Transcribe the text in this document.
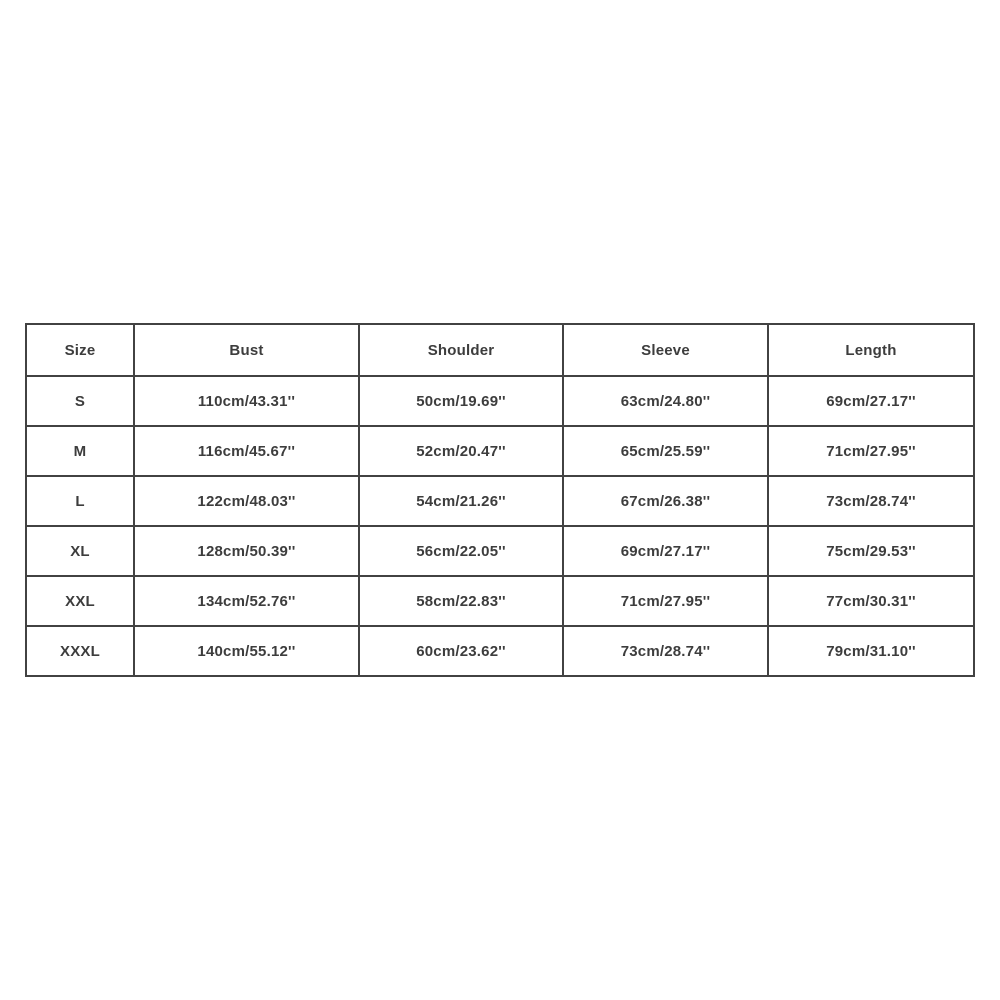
Size	Bust	Shoulder	Sleeve	Length
S	110cm/43.31''	50cm/19.69''	63cm/24.80''	69cm/27.17''
M	116cm/45.67''	52cm/20.47''	65cm/25.59''	71cm/27.95''
L	122cm/48.03''	54cm/21.26''	67cm/26.38''	73cm/28.74''
XL	128cm/50.39''	56cm/22.05''	69cm/27.17''	75cm/29.53''
XXL	134cm/52.76''	58cm/22.83''	71cm/27.95''	77cm/30.31''
XXXL	140cm/55.12''	60cm/23.62''	73cm/28.74''	79cm/31.10''
